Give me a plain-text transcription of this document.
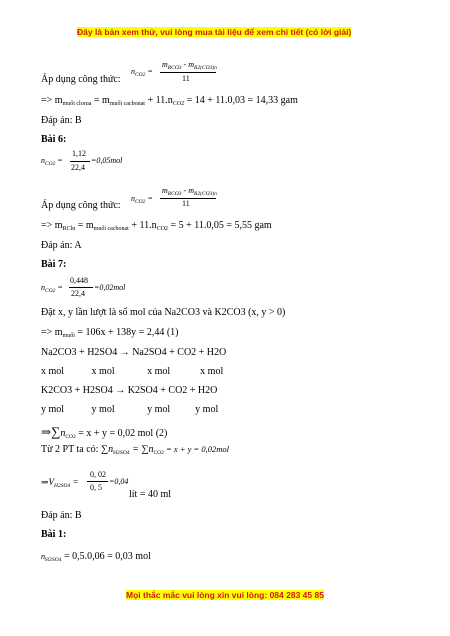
Đây là bản xem thử, vui lòng mua tài liệu để xem chi tiết (có lời giải)
$n_{CO2}$ =
$m_{RCO3} - m_{R2(CO3)n}$
11
Áp dụng công thức:
=> $m_{muối clorua} = m_{muối cacbonat} + 11.n_{CO2} = 14 + 11.0,03 = 14,33$ gam
Đáp án: B
Bài 6:
$n_{CO2}$ =
1,12
22,4
=0,05mol
$n_{CO2}$ =
$m_{RCO3} - m_{R2(CO3)n}$
11
Áp dụng công thức:
=> $m_{RCln} = m_{muối cacbonat} + 11.n_{CO2} = 5 + 11.0,05 = 5,55$ gam
Đáp án: A
Bài 7:
$n_{CO2}$ =
0,448
22,4
=0,02mol
Đặt x, y lần lượt là số mol của Na2CO3 và K2CO3 (x, y > 0)
=> $m_{muối} = 106x + 138y = 2,44$ (1)
Na2CO3 + H2SO4 → Na2SO4 + CO2 + H2O
x mol           x mol             x mol            x mol
K2CO3 + H2SO4 → K2SO4 + CO2 + H2O
y mol           y mol             y mol          y mol
$\Rightarrow\sum n_{CO2} = x + y = 0,02$ mol (2)
Từ 2 PT ta có: $\sum n_{H2SO4} = \sum n_{CO2} = x + y = 0,02mol$
$\Rightarrow V_{H2SO4}$ =
0, 02
0, 5
=0,04
lít = 40 ml
Đáp án: B
Bài 1:
$n_{H2SO4} = 0,5.0,06 = 0,03$ mol
Mọi thắc mắc vui lòng xin vui lòng: 084 283 45 85
